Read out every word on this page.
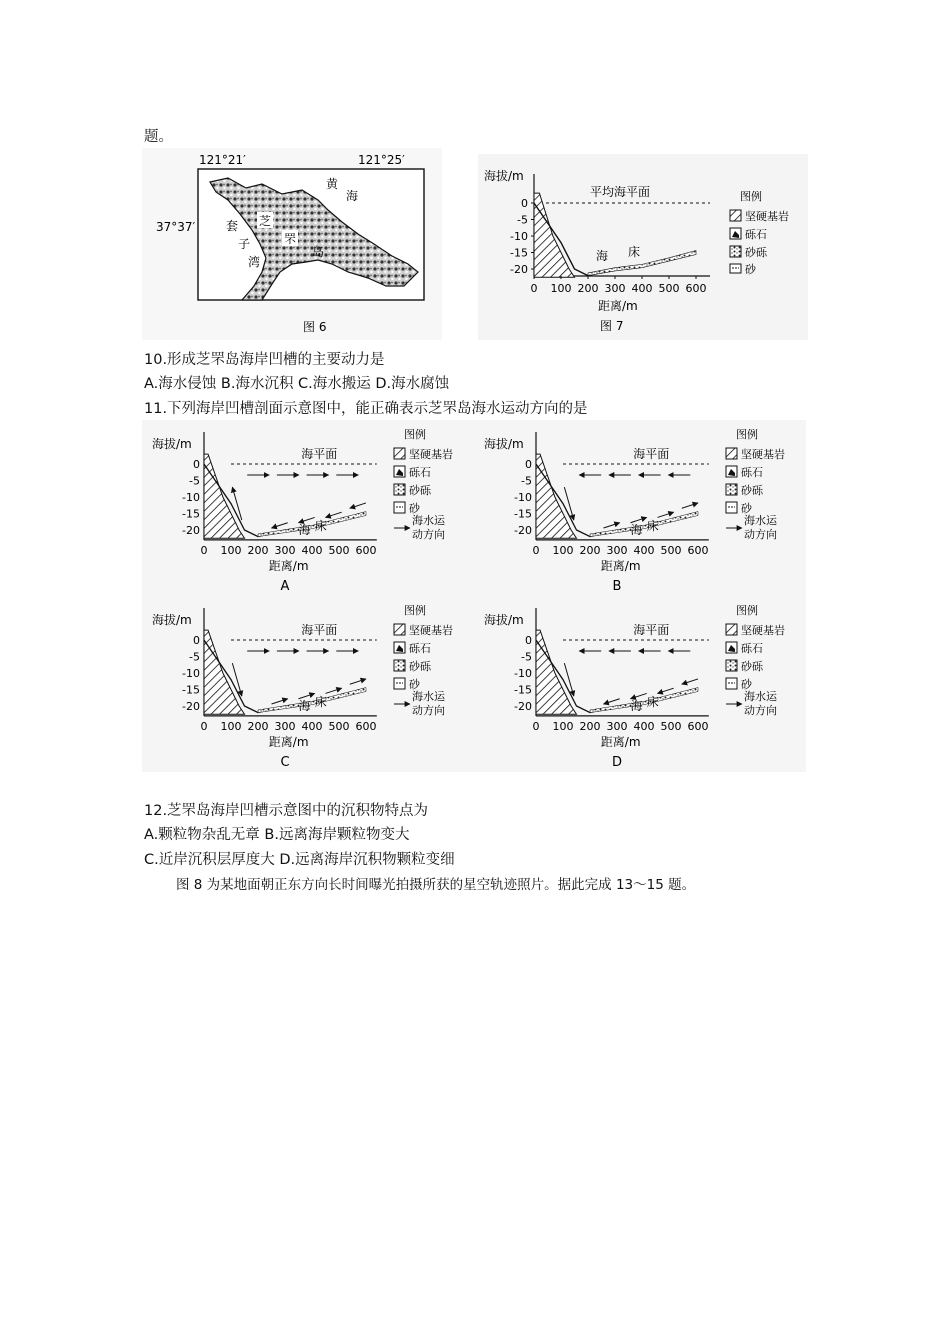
题。
121°21′	121°25′
37°37′	芝
罘
岛
黄
海
套
子
湾
图 6
海拔/m
平均海平面
0
-5
-10
-15
-20
0 100 200 300 400 500 600
海 床
距离/m
图 7
图例
坚硬基岩
砾石
砂砾
砂
10.形成芝罘岛海岸凹槽的主要动力是
A.海水侵蚀 B.海水沉积 C.海水搬运 D.海水腐蚀
11.下列海岸凹槽剖面示意图中，能正确表示芝罘岛海水运动方向的是
海拔/m
海平面
海 床
0
-5
-10
-15
-20
0 100 200 300 400 500 600
距离/m
A
图例
坚硬基岩
砾石
砂砾
砂
海水运
动方向
海拔/m
海平面
海 床
0
-5
-10
-15
-20
0 100 200 300 400 500 600
距离/m
B
图例
坚硬基岩
砾石
砂砾
砂
海水运
动方向
海拔/m
海平面
海 床
0
-5
-10
-15
-20
0 100 200 300 400 500 600
距离/m
C
图例
坚硬基岩
砾石
砂砾
砂
海水运
动方向
海拔/m
海平面
海 床
0
-5
-10
-15
-20
0 100 200 300 400 500 600
距离/m
D
图例
坚硬基岩
砾石
砂砾
砂
海水运
动方向
12.芝罘岛海岸凹槽示意图中的沉积物特点为
A.颗粒物杂乱无章 B.远离海岸颗粒物变大
C.近岸沉积层厚度大 D.远离海岸沉积物颗粒变细
图 8 为某地面朝正东方向长时间曝光拍摄所获的星空轨迹照片。据此完成 13～15 题。
